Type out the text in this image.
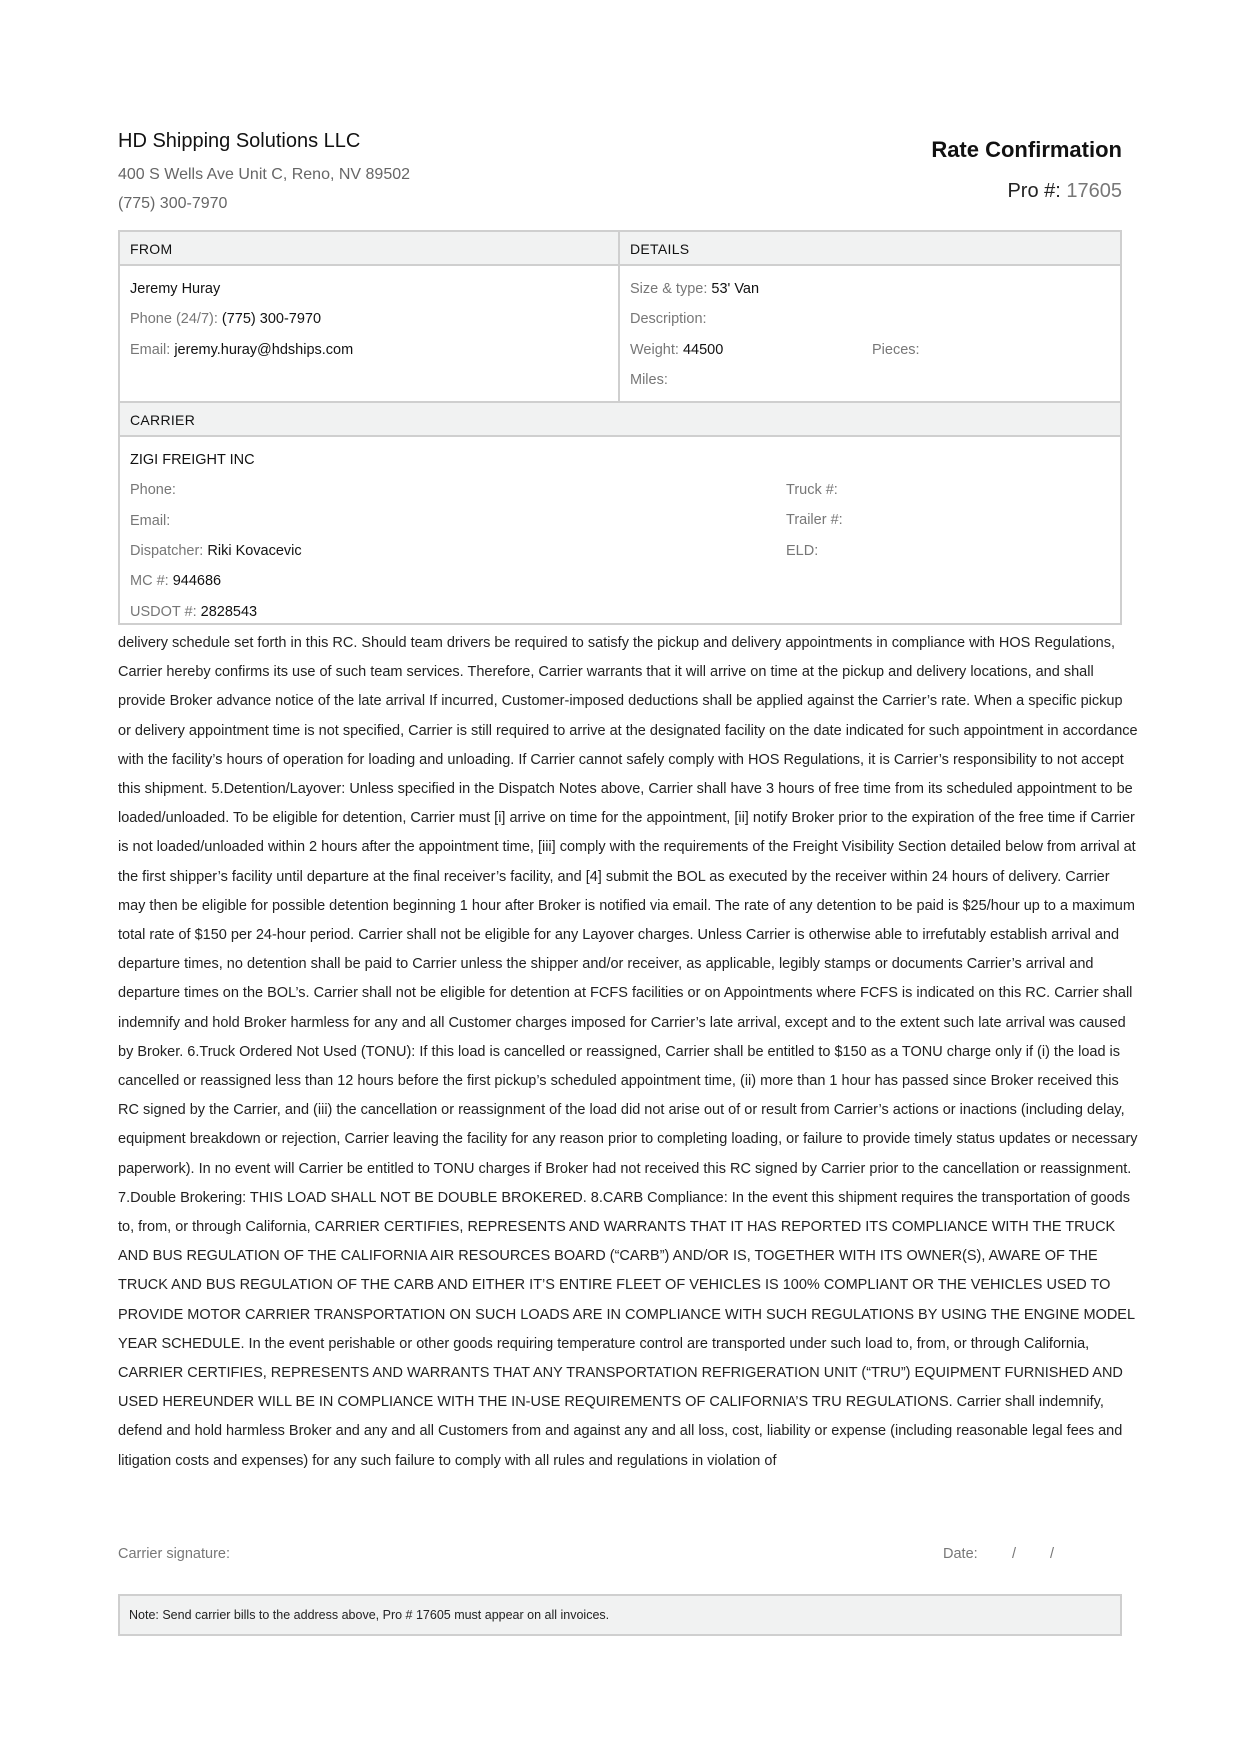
HD Shipping Solutions LLC
400 S Wells Ave Unit C, Reno, NV 89502
(775) 300-7970
Rate Confirmation
Pro #: 17605
FROM
Jeremy Huray
Phone (24/7): (775) 300-7970
Email: jeremy.huray@hdships.com
DETAILS
Size & type: 53' Van
Description:
Weight: 44500	Pieces:
Miles:
CARRIER
ZIGI FREIGHT INC
Phone:
Email:
Dispatcher: Riki Kovacevic
MC #: 944686
USDOT #: 2828543
Truck #:
Trailer #:
ELD:

delivery schedule set forth in this RC. Should team drivers be required to satisfy the pickup and delivery appointments in compliance with HOS Regulations, Carrier hereby confirms its use of such team services. Therefore, Carrier warrants that it will arrive on time at the pickup and delivery locations, and shall provide Broker advance notice of the late arrival If incurred, Customer-imposed deductions shall be applied against the Carrier’s rate. When a specific pickup or delivery appointment time is not specified, Carrier is still required to arrive at the designated facility on the date indicated for such appointment in accordance with the facility’s hours of operation for loading and unloading. If Carrier cannot safely comply with HOS Regulations, it is Carrier’s responsibility to not accept this shipment. 5.Detention/Layover: Unless specified in the Dispatch Notes above, Carrier shall have 3 hours of free time from its scheduled appointment to be loaded/unloaded. To be eligible for detention, Carrier must [i] arrive on time for the appointment, [ii] notify Broker prior to the expiration of the free time if Carrier is not loaded/unloaded within 2 hours after the appointment time, [iii] comply with the requirements of the Freight Visibility Section detailed below from arrival at the first shipper’s facility until departure at the final receiver’s facility, and [4] submit the BOL as executed by the receiver within 24 hours of delivery. Carrier may then be eligible for possible detention beginning 1 hour after Broker is notified via email. The rate of any detention to be paid is $25/hour up to a maximum total rate of $150 per 24-hour period. Carrier shall not be eligible for any Layover charges. Unless Carrier is otherwise able to irrefutably establish arrival and departure times, no detention shall be paid to Carrier unless the shipper and/or receiver, as applicable, legibly stamps or documents Carrier’s arrival and departure times on the BOL’s. Carrier shall not be eligible for detention at FCFS facilities or on Appointments where FCFS is indicated on this RC. Carrier shall indemnify and hold Broker harmless for any and all Customer charges imposed for Carrier’s late arrival, except and to the extent such late arrival was caused by Broker. 6.Truck Ordered Not Used (TONU): If this load is cancelled or reassigned, Carrier shall be entitled to $150 as a TONU charge only if (i) the load is cancelled or reassigned less than 12 hours before the first pickup’s scheduled appointment time, (ii) more than 1 hour has passed since Broker received this RC signed by the Carrier, and (iii) the cancellation or reassignment of the load did not arise out of or result from Carrier’s actions or inactions (including delay, equipment breakdown or rejection, Carrier leaving the facility for any reason prior to completing loading, or failure to provide timely status updates or necessary paperwork). In no event will Carrier be entitled to TONU charges if Broker had not received this RC signed by Carrier prior to the cancellation or reassignment. 7.Double Brokering: THIS LOAD SHALL NOT BE DOUBLE BROKERED. 8.CARB Compliance: In the event this shipment requires the transportation of goods to, from, or through California, CARRIER CERTIFIES, REPRESENTS AND WARRANTS THAT IT HAS REPORTED ITS COMPLIANCE WITH THE TRUCK AND BUS REGULATION OF THE CALIFORNIA AIR RESOURCES BOARD (“CARB”) AND/OR IS, TOGETHER WITH ITS OWNER(S), AWARE OF THE TRUCK AND BUS REGULATION OF THE CARB AND EITHER IT’S ENTIRE FLEET OF VEHICLES IS 100% COMPLIANT OR THE VEHICLES USED TO PROVIDE MOTOR CARRIER TRANSPORTATION ON SUCH LOADS ARE IN COMPLIANCE WITH SUCH REGULATIONS BY USING THE ENGINE MODEL YEAR SCHEDULE. In the event perishable or other goods requiring temperature control are transported under such load to, from, or through California, CARRIER CERTIFIES, REPRESENTS AND WARRANTS THAT ANY TRANSPORTATION REFRIGERATION UNIT (“TRU”) EQUIPMENT FURNISHED AND USED HEREUNDER WILL BE IN COMPLIANCE WITH THE IN-USE REQUIREMENTS OF CALIFORNIA’S TRU REGULATIONS. Carrier shall indemnify, defend and hold harmless Broker and any and all Customers from and against any and all loss, cost, liability or expense (including reasonable legal fees and litigation costs and expenses) for any such failure to comply with all rules and regulations in violation of

Carrier signature:	Date: / /
Note: Send carrier bills to the address above, Pro # 17605 must appear on all invoices.
